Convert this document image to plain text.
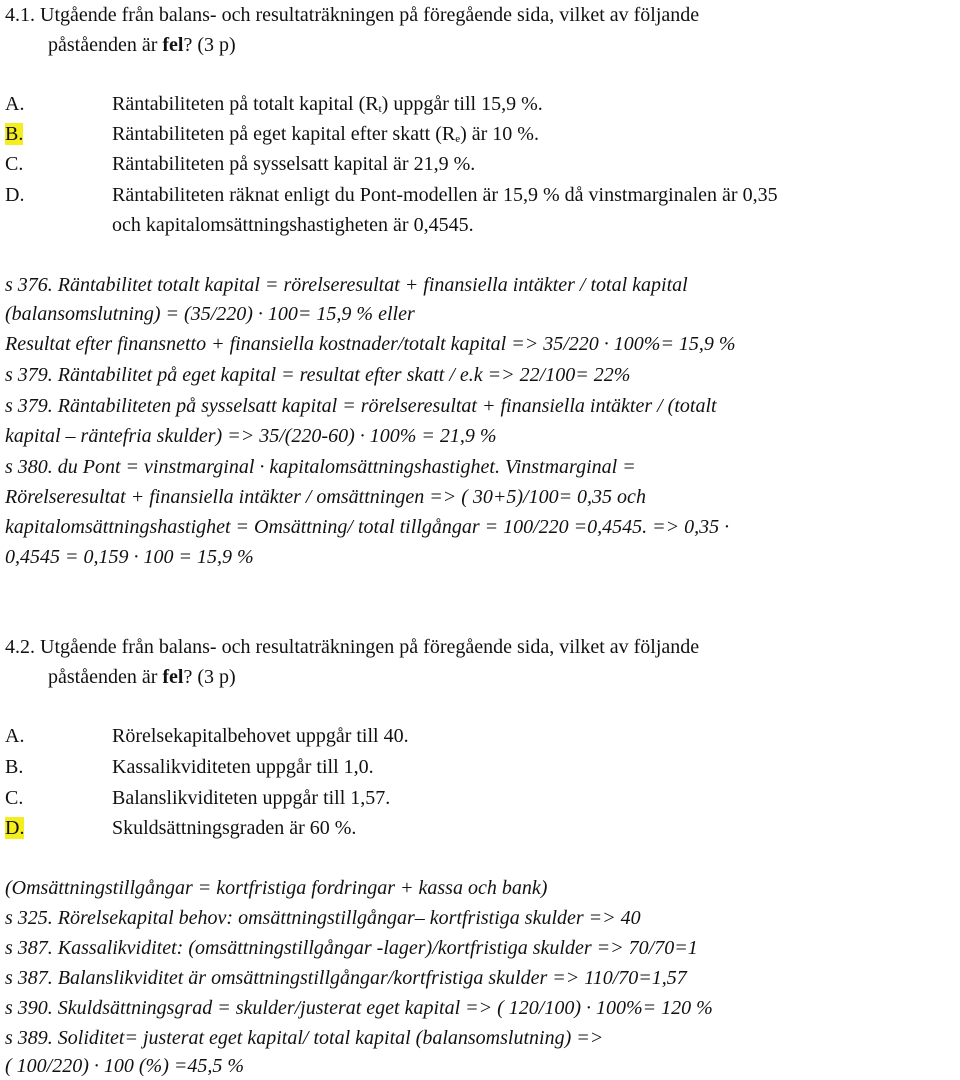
4.1. Utgående från balans- och resultaträkningen på föregående sida, vilket av följande
påståenden är fel? (3 p)
A.	Räntabiliteten på totalt kapital $(R_t)$ uppgår till 15,9 %.
B.	Räntabiliteten på eget kapital efter skatt $(R_e)$ är 10 %.
C.	Räntabiliteten på sysselsatt kapital är 21,9 %.
D.	Räntabiliteten räknat enligt du Pont-modellen är 15,9 % då vinstmarginalen är 0,35
och kapitalomsättningshastigheten är 0,4545.
s 376. Räntabilitet totalt kapital = rörelseresultat + finansiella intäkter / total kapital
(balansomslutning) = (35/220) · 100= 15,9 % eller
Resultat efter finansnetto + finansiella kostnader/totalt kapital => 35/220 · 100%= 15,9 %
s 379. Räntabilitet på eget kapital = resultat efter skatt / e.k => 22/100= 22%
s 379. Räntabiliteten på sysselsatt kapital = rörelseresultat + finansiella intäkter / (totalt
kapital – räntefria skulder) => 35/(220-60) · 100% = 21,9 %
s 380. du Pont = vinstmarginal · kapitalomsättningshastighet. Vinstmarginal =
Rörelseresultat + finansiella intäkter / omsättningen => ( 30+5)/100= 0,35 och
kapitalomsättningshastighet = Omsättning/ total tillgångar = 100/220 =0,4545. => 0,35 ·
0,4545 = 0,159 · 100 = 15,9 %
4.2. Utgående från balans- och resultaträkningen på föregående sida, vilket av följande
påståenden är fel? (3 p)
A.	Rörelsekapitalbehovet uppgår till 40.
B.	Kassalikviditeten uppgår till 1,0.
C.	Balanslikviditeten uppgår till 1,57.
D.	Skuldsättningsgraden är 60 %.
(Omsättningstillgångar = kortfristiga fordringar + kassa och bank)
s 325. Rörelsekapital behov: omsättningstillgångar– kortfristiga skulder => 40
s 387. Kassalikviditet: (omsättningstillgångar -lager)/kortfristiga skulder => 70/70=1
s 387. Balanslikviditet är omsättningstillgångar/kortfristiga skulder => 110/70=1,57
s 390. Skuldsättningsgrad = skulder/justerat eget kapital => ( 120/100) · 100%= 120 %
s 389. Soliditet= justerat eget kapital/ total kapital (balansomslutning) =>
( 100/220) · 100 (%) =45,5 %
